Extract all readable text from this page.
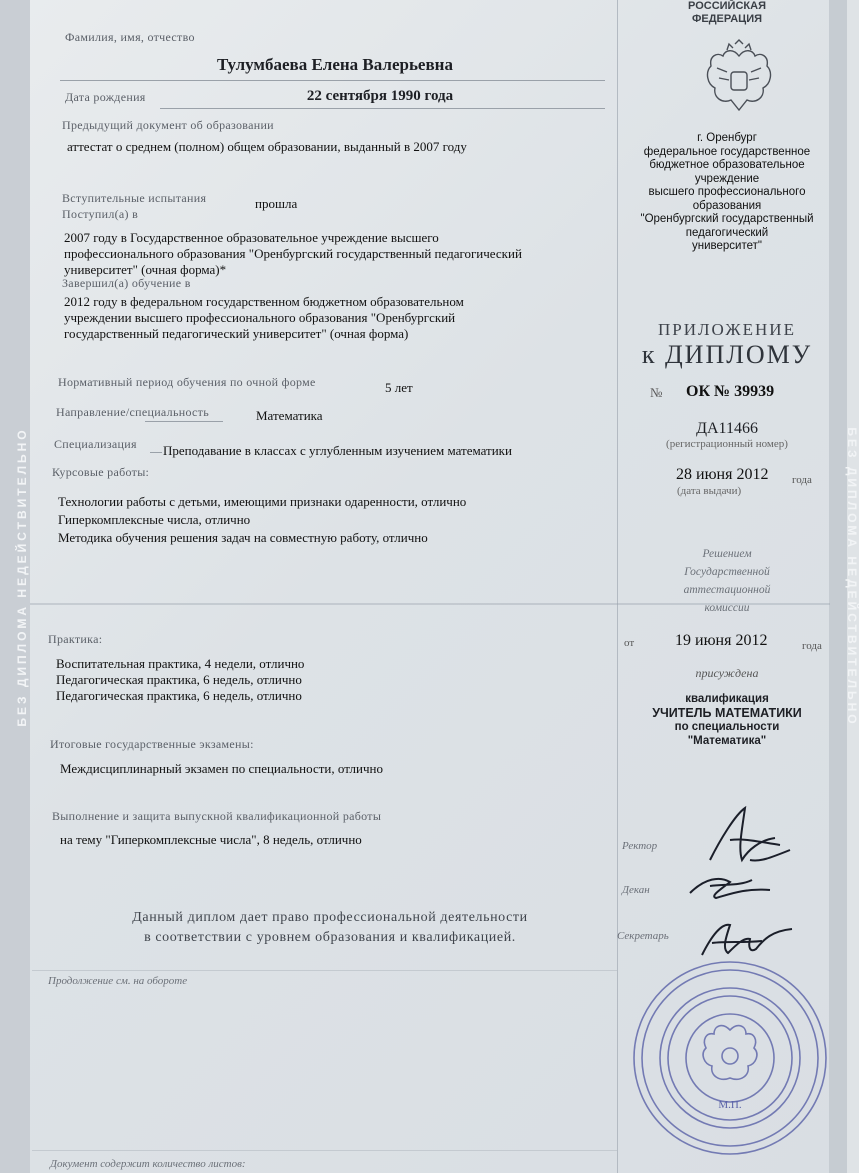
БЕЗ ДИПЛОМА НЕДЕЙСТВИТЕЛЬНО	БЕЗ ДИПЛОМА НЕДЕЙСТВИТЕЛЬНО
Фамилия, имя, отчество
Тулумбаева Елена Валерьевна
Дата рождения	22 сентября 1990 года
Предыдущий документ об образовании
аттестат о среднем (полном) общем образовании, выданный в 2007 году
Вступительные испытания	прошла
Поступил(а) в
2007 году в Государственное образовательное учреждение высшего
профессионального образования "Оренбургский государственный педагогический
университет" (очная форма)*
Завершил(а) обучение в
2012 году в федеральном государственном бюджетном образовательном
учреждении высшего профессионального образования "Оренбургский
государственный педагогический университет" (очная форма)
Нормативный период обучения по очной форме	5 лет
Направление/специальность	Математика
Специализация Преподавание в классах с углубленным изучением математики
Курсовые работы:
Технологии работы с детьми, имеющими признаки одаренности, отлично
Гиперкомплексные числа, отлично
Методика обучения решения задач на совместную работу, отлично
Практика:
Воспитательная практика, 4 недели, отлично
Педагогическая практика, 6 недель, отлично
Педагогическая практика, 6 недель, отлично
Итоговые государственные экзамены:
Междисциплинарный экзамен по специальности, отлично
Выполнение и защита выпускной квалификационной работы
на тему "Гиперкомплексные числа", 8 недель, отлично
Данный диплом дает право профессиональной деятельности
в соответствии с уровнем образования и квалификацией.
Продолжение см. на обороте
Документ содержит количество листов:
РОССИЙСКАЯ
ФЕДЕРАЦИЯ
г. Оренбург
федеральное государственное
бюджетное образовательное
учреждение
высшего профессионального
образования
"Оренбургский государственный
педагогический
университет"
ПРИЛОЖЕНИЕ
к ДИПЛОМУ
№ ОК № 39939
ДА11466
(регистрационный номер)
28 июня 2012 года
(дата выдачи)
Решением
Государственной
аттестационной
комиссии
от	19 июня 2012	года
присуждена
квалификация
УЧИТЕЛЬ МАТЕМАТИКИ
по специальности
"Математика"
Ректор
Декан
Секретарь
М.П.
